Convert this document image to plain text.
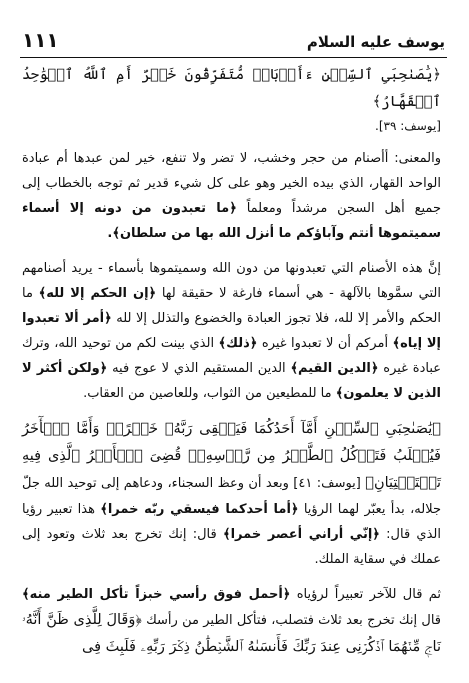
١١١	يوسف عليه السلام

﴿يَٰصَىٰحِبَىِ ٱلسِّجۡنِ ءَأَرۡبَابٞ مُّتَفَرِّقُونَ خَيۡرٌ أَمِ ٱللَّهُ ٱلۡوَٰحِدُ ٱلۡقَهَّارُ﴾

[يوسف: ٣٩].

والمعنى: أأصنام من حجر وخشب، لا تضر ولا تنفع، خير لمن عبدها أم عبادة الواحد القهار، الذي بيده الخير وهو على كل شيء قدير ثم توجه بالخطاب إلى جميع أهل السجن مرشداً ومعلماً ﴿ما تعبدون من دونه إلا أسماء سميتموها أنتم وآباؤكم ما أنزل الله بها من سلطان﴾.

إنَّ هذه الأصنام التي تعبدونها من دون الله وسميتموها بأسماء - يريد أصنامهم التي سمَّوها بالآلهة - هي أسماء فارغة لا حقيقة لها ﴿إن الحكم إلا لله﴾ ما الحكم والأمر إلا لله، فلا تجوز العبادة والخضوع والتذلل إلا لله ﴿أمر ألا تعبدوا إلا إياه﴾ أمركم أن لا تعبدوا غيره ﴿ذلك﴾ الذي بينت لكم من توحيد الله، وترك عبادة غيره ﴿الدين القيم﴾ الدين المستقيم الذي لا عوج فيه ﴿ولكن أكثر لا الذين لا يعلمون﴾ ما للمطيعين من الثواب، وللعاصين من العقاب.

﴿يَٰصَىٰحِبَىِ ٱلسِّجۡنِ أَمَّآ أَحَدُكُمَا فَيَسۡقِى رَبَّهُۥ خَمۡرًاۖ وَأَمَّا ٱلۡأٓخَرُ فَيُصۡلَبُ فَتَأۡكُلُ ٱلطَّيۡرُ مِن رَّأۡسِهِۦۚ قُضِىَ ٱلۡأَمۡرُ ٱلَّذِى فِيهِ تَسۡتَفۡتِيَانِ﴾ [يوسف: ٤١] وبعد أن وعظ السجناء، ودعاهم إلى توحيد الله جلّ جلاله، بدأ يعبّر لهما الرؤيا ﴿أما أحدكما فيسقي ربّه خمرا﴾ هذا تعبير رؤيا الذي قال: ﴿إنّي أراني أعصر خمرا﴾ قال: إنك تخرج بعد ثلاث وتعود إلى عملك في سقاية الملك.

ثم قال للآخر تعبيراً لرؤياه ﴿أحمل فوق رأسي خبزاً تأكل الطير منه﴾ قال إنك تخرج بعد ثلاث فتصلب، فتأكل الطير من رأسك ﴿وَقَالَ لِلَّذِى ظَنَّ أَنَّهُۥ نَاجٖ مِّنۡهُمَا ٱذۡكُرۡنِى عِندَ رَبِّكَ فَأَنسَىٰهُ ٱلشَّيۡطَٰنُ ذِكۡرَ رَبِّهِۦ فَلَبِثَ فِى
